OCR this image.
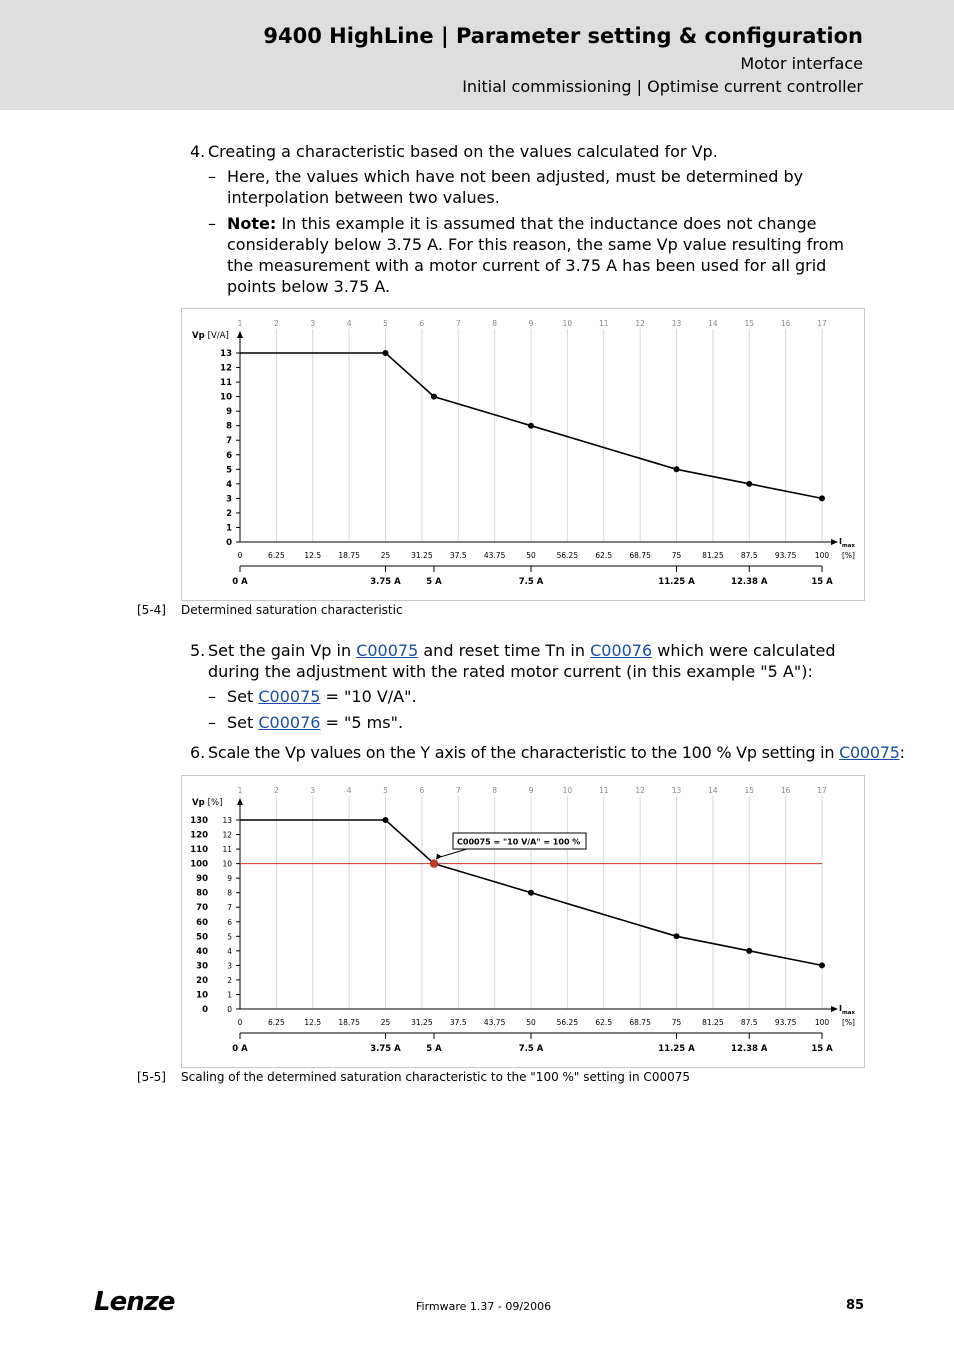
9400 HighLine | Parameter setting & configuration
Motor interface
Initial commissioning | Optimise current controller
4. Creating a characteristic based on the values calculated for Vp.
– Here, the values which have not been adjusted, must be determined by interpolation between two values.
– Note: In this example it is assumed that the inductance does not change considerably below 3.75 A. For this reason, the same Vp value resulting from the measurement with a motor current of 3.75 A has been used for all grid points below 3.75 A.
1	2	3	4	5	6	7	8	9	10	11	12	13	14	15	16	17
Vp [V/A]
0
1
2
3
4
5
6
7
8
9
10
11
12
13
0	6.25	12.5 18.75	25	31.25 37.5 43.75	50	56.25 62.5 68.75	75	81.25 87.5 93.75 100
$I_{max}$
[%]
0 A	3.75 A	5 A	7.5 A	11.25 A	12.38 A	15 A
[5-4] Determined saturation characteristic
5. Set the gain Vp in C00075 and reset time Tn in C00076 which were calculated during the adjustment with the rated motor current (in this example "5 A"):
– Set C00075 = "10 V/A".
– Set C00076 = "5 ms".
6. Scale the Vp values on the Y axis of the characteristic to the 100 % Vp setting in C00075:
1	2	3	4	5	6	7	8	9	10	11	12	13	14	15	16	17
Vp [%]
0
1
2
3
4
5
6
7
8
9
10
11
12
13
0
10
20
30
40
50
60
70
80
90
100
110
120
130
0	6.25	12.5 18.75	25	31.25 37.5 43.75	50	56.25 62.5 68.75	75	81.25 87.5 93.75 100
$I_{max}$
[%]
0 A	3.75 A	5 A	7.5 A	11.25 A	12.38 A	15 A
C00075 = "10 V/A" = 100 %
[5-5] Scaling of the determined saturation characteristic to the "100 %" setting in C00075
Lenze	Firmware 1.37 - 09/2006	85
